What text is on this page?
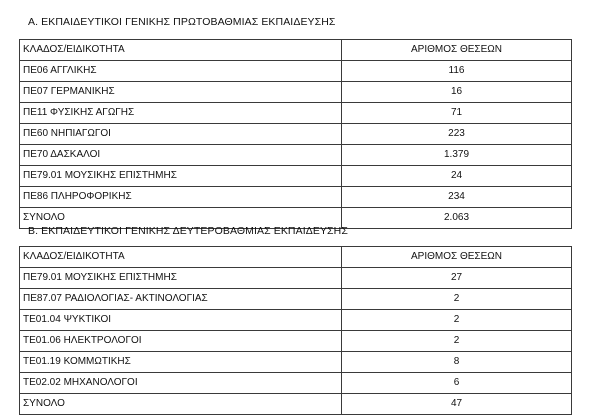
Α. ΕΚΠΑΙΔΕΥΤΙΚΟΙ ΓΕΝΙΚΗΣ ΠΡΩΤΟΒΑΘΜΙΑΣ ΕΚΠΑΙΔΕΥΣΗΣ
ΚΛΑΔΟΣ/ΕΙΔΙΚΟΤΗΤΑ	ΑΡΙΘΜΟΣ ΘΕΣΕΩΝ
ΠΕ06 ΑΓΓΛΙΚΗΣ	116
ΠΕ07 ΓΕΡΜΑΝΙΚΗΣ	16
ΠΕ11 ΦΥΣΙΚΗΣ ΑΓΩΓΗΣ	71
ΠΕ60 ΝΗΠΙΑΓΩΓΟΙ	223
ΠΕ70 ΔΑΣΚΑΛΟΙ	1.379
ΠΕ79.01 ΜΟΥΣΙΚΗΣ ΕΠΙΣΤΗΜΗΣ	24
ΠΕ86 ΠΛΗΡΟΦΟΡΙΚΗΣ	234
ΣΥΝΟΛΟ	2.063
Β. ΕΚΠΑΙΔΕΥΤΙΚΟΙ ΓΕΝΙΚΗΣ ΔΕΥΤΕΡΟΒΑΘΜΙΑΣ ΕΚΠΑΙΔΕΥΣΗΣ
ΚΛΑΔΟΣ/ΕΙΔΙΚΟΤΗΤΑ	ΑΡΙΘΜΟΣ ΘΕΣΕΩΝ
ΠΕ79.01 ΜΟΥΣΙΚΗΣ ΕΠΙΣΤΗΜΗΣ	27
ΠΕ87.07 ΡΑΔΙΟΛΟΓΙΑΣ- ΑΚΤΙΝΟΛΟΓΙΑΣ	2
ΤΕ01.04 ΨΥΚΤΙΚΟΙ	2
ΤΕ01.06 ΗΛΕΚΤΡΟΛΟΓΟΙ	2
ΤΕ01.19 ΚΟΜΜΩΤΙΚΗΣ	8
ΤΕ02.02 ΜΗΧΑΝΟΛΟΓΟΙ	6
ΣΥΝΟΛΟ	47
